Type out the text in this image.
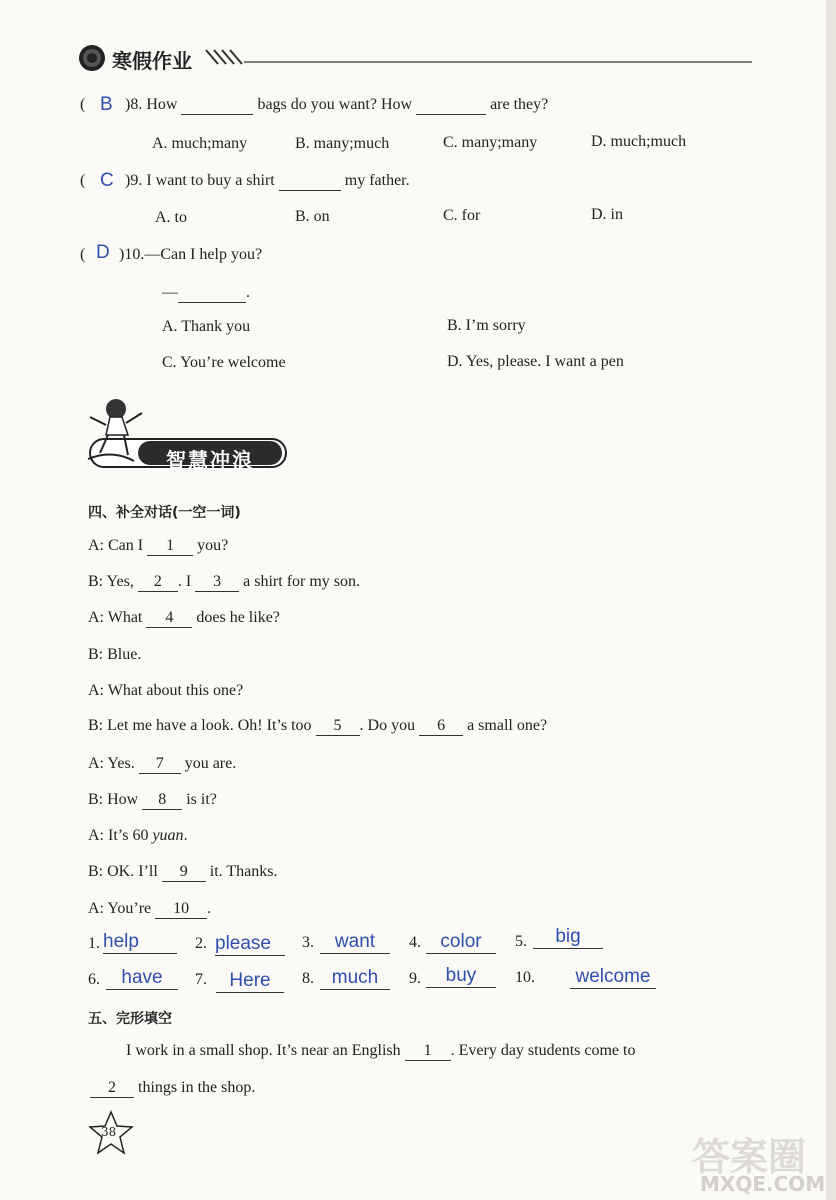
寒假作业
( B )8. How	bags do you want? How	are they?
A. much;many	B. many;much	C. many;many	D. much;much
( C )9. I want to buy a shirt	my father.
A. to	B. on	C. for	D. in
( D )10.—Can I help you?
—	.
A. Thank you	B. I’m sorry
C. You’re welcome	D. Yes, please. I want a pen
智慧冲浪
四、补全对话(一空一词)
A: Can I 1 you?
B: Yes, 2 . I 3 a shirt for my son.
A: What 4 does he like?
B: Blue.
A: What about this one?
B: Let me have a look. Oh! It’s too 5 . Do you 6 a small one?
A: Yes. 7 you are.
B: How 8 is it?
A: It’s 60 yuan.
B: OK. I’ll 9 it. Thanks.
A: You’re 10 .
1. help	2. please	3.	want	4.	color	5.	big
6.	have	7.	Here	8. much	9.	buy	10. welcome
五、完形填空
I work in a small shop. It’s near an English 1 . Every day students come to
2 things in the shop.
38
答案圈
MXQE.COM
